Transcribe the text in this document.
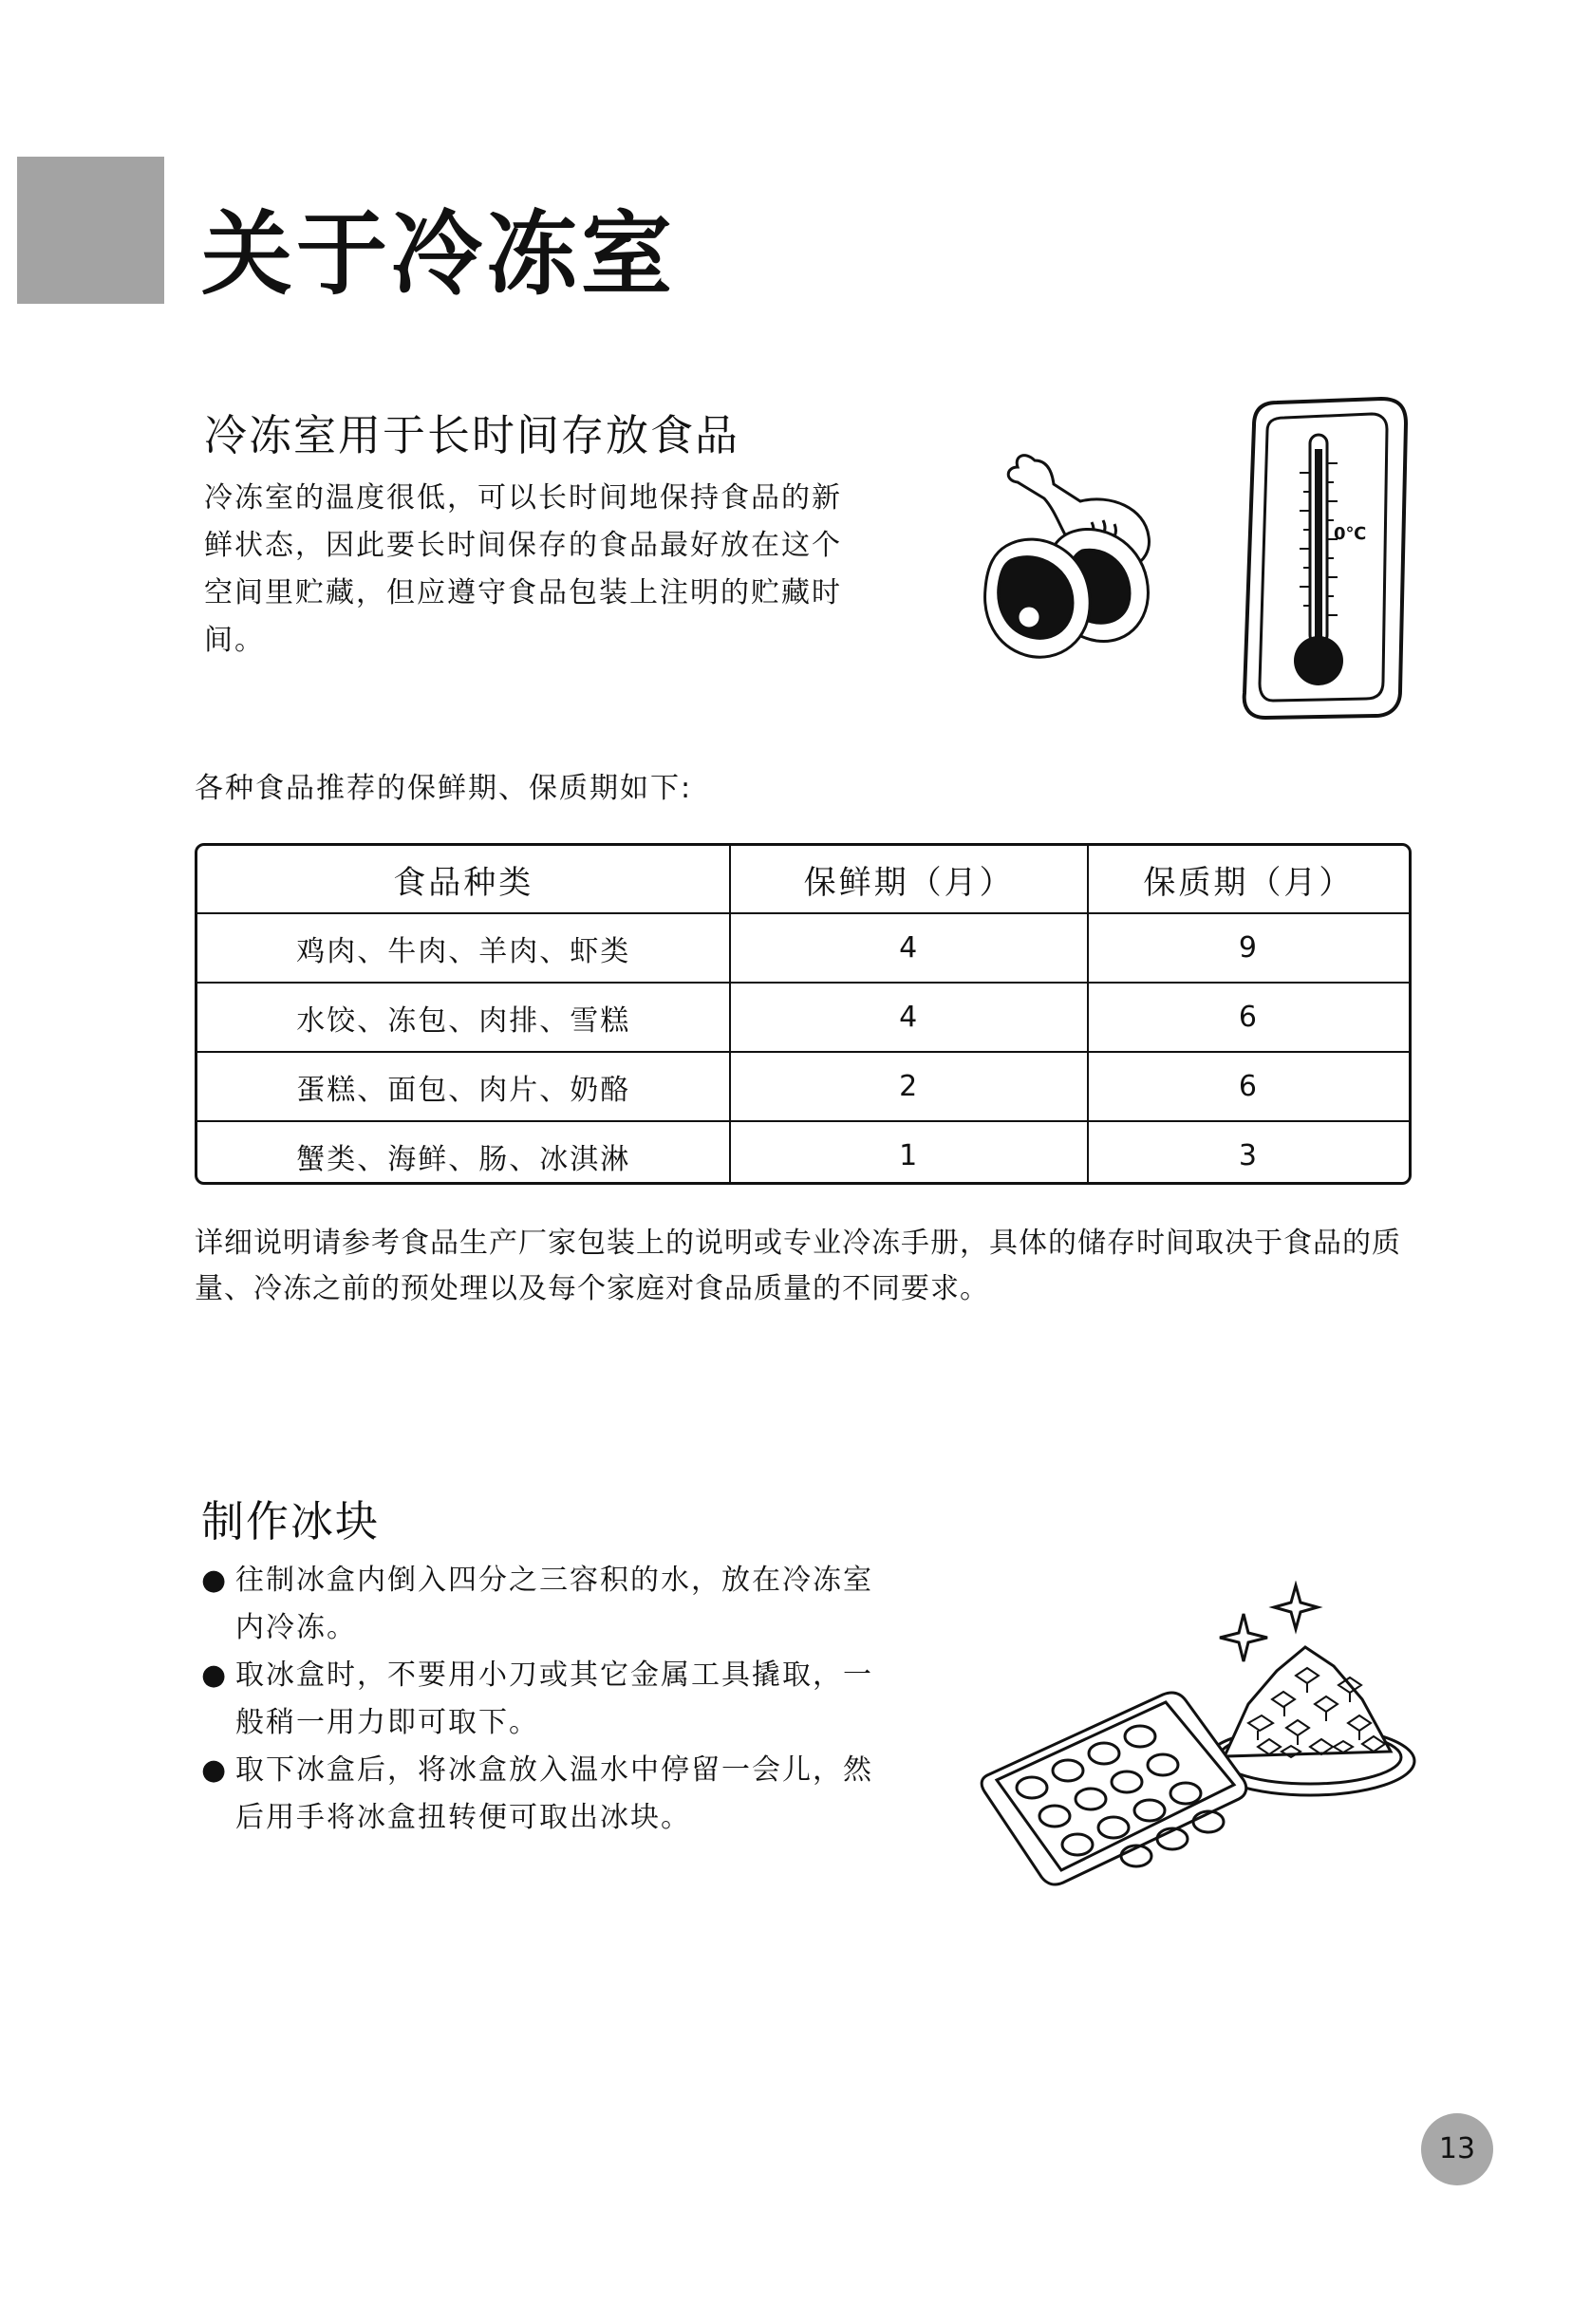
关于冷冻室
冷冻室用于长时间存放食品
冷冻室的温度很低，可以长时间地保持食品的新鲜状态，因此要长时间保存的食品最好放在这个空间里贮藏，但应遵守食品包装上注明的贮藏时间。
0℃
各种食品推荐的保鲜期、保质期如下:
食品种类	保鲜期（月）	保质期（月）
鸡肉、牛肉、羊肉、虾类	4	9
水饺、冻包、肉排、雪糕	4	6
蛋糕、面包、肉片、奶酪	2	6
蟹类、海鲜、肠、冰淇淋	1	3
详细说明请参考食品生产厂家包装上的说明或专业冷冻手册，具体的储存时间取决于食品的质量、冷冻之前的预处理以及每个家庭对食品质量的不同要求。
制作冰块
● 往制冰盒内倒入四分之三容积的水，放在冷冻室内冷冻。
● 取冰盒时，不要用小刀或其它金属工具撬取，一般稍一用力即可取下。
● 取下冰盒后，将冰盒放入温水中停留一会儿，然后用手将冰盒扭转便可取出冰块。
13
